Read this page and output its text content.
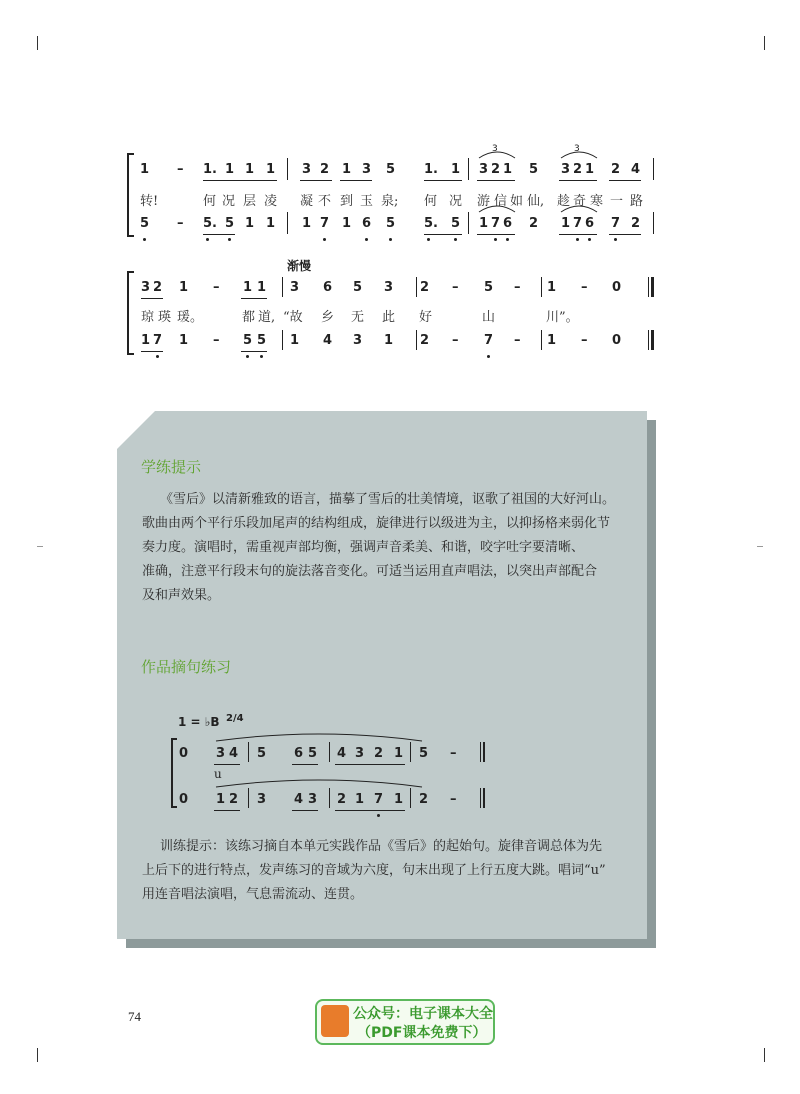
1 – 1. 1 1 1 3 2 1 3 5 1. 1 3 2 1 5 3 2 1 2 4
3	3
转!	何 况 层 凌 凝 不 到 玉 泉; 何 况 游 信 如 仙, 趁 奇 寒 一 路
5 – 5. 5 1 1 1 7 1 6 5 5. 5 1 7 6 2 1 7 6 7 2
渐慢
3 2 1 – 1 1 3 6 5 3 2 – 5 – 1 – 0
琼 瑛 瑗。	都 道, “故 乡 无 此 好	山	川”。
1 7 1 – 5 5 1 4 3 1 2 – 7 – 1 – 0
学练提示
《雪后》以清新雅致的语言，描摹了雪后的壮美情境，讴歌了祖国的大好河山。
歌曲由两个平行乐段加尾声的结构组成，旋律进行以级进为主，以抑扬格来弱化节
奏力度。演唱时，需重视声部均衡，强调声音柔美、和谐，咬字吐字要清晰、
准确，注意平行段末句的旋法落音变化。可适当运用直声唱法，以突出声部配合
及和声效果。
作品摘句练习
1 = ♭B 2/4
0 3 4 5 6 5 4 3 2 1 5 –
u
0 1 2 3 4 3 2 1 7 1 2 –
训练提示：该练习摘自本单元实践作品《雪后》的起始句。旋律音调总体为先
上后下的进行特点，发声练习的音域为六度，句末出现了上行五度大跳。唱词“u”
用连音唱法演唱，气息需流动、连贯。
74	公众号：电子课本大全
（PDF课本免费下）
